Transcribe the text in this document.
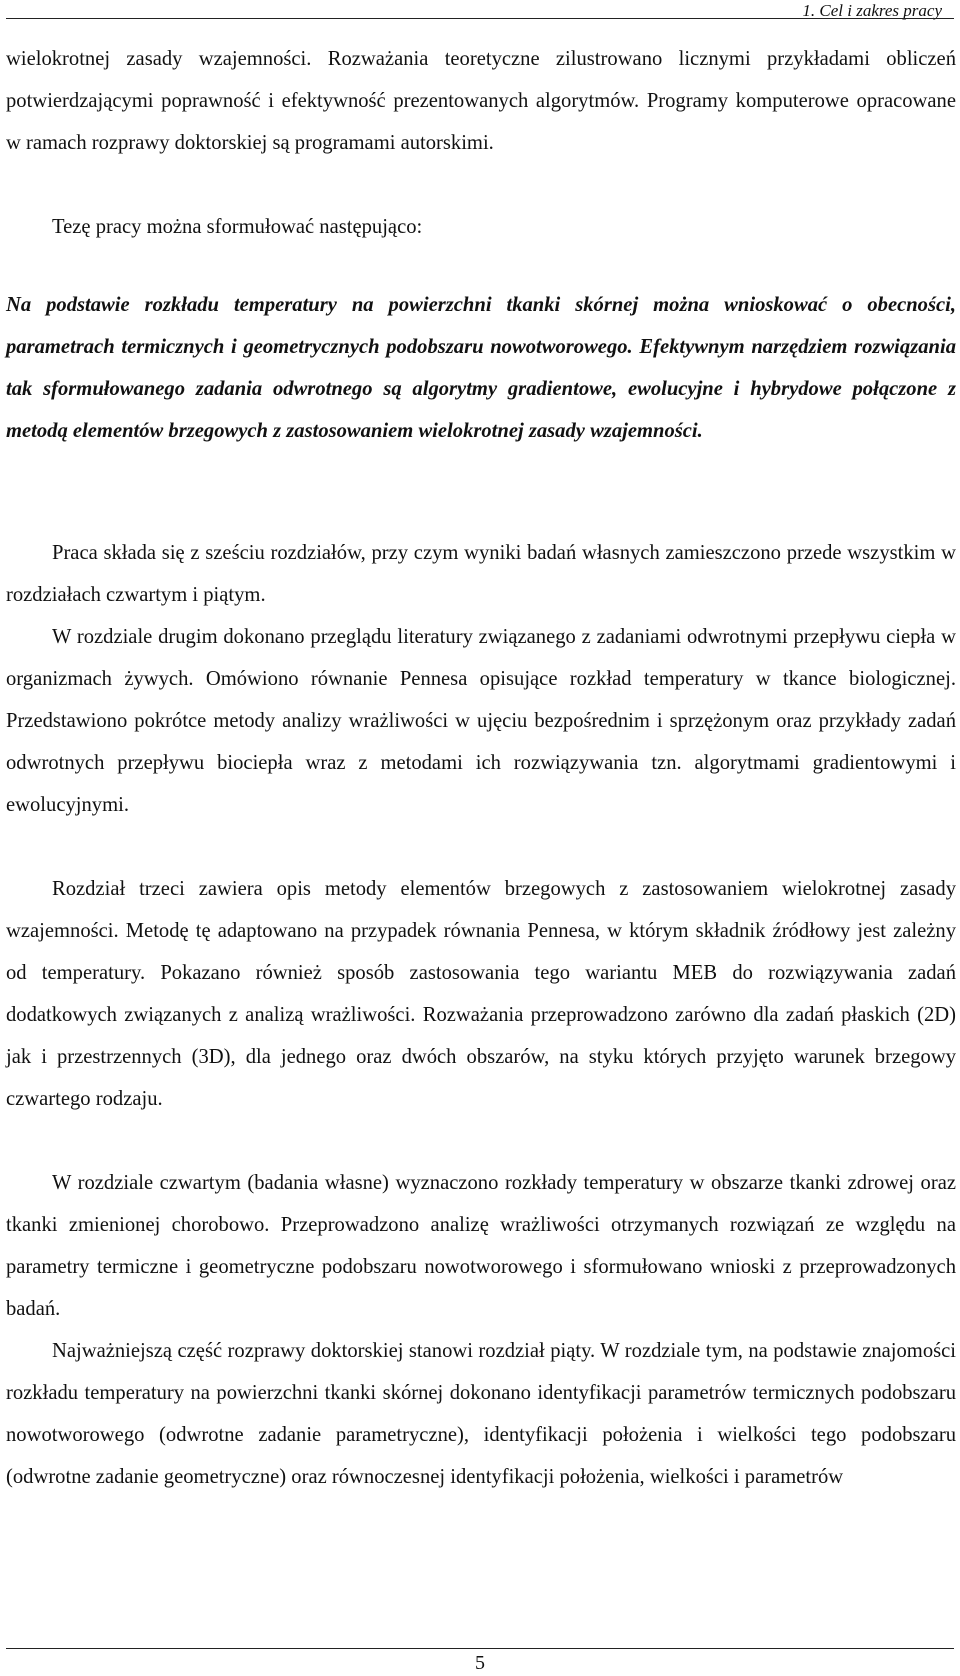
1. Cel i zakres pracy

wielokrotnej zasady wzajemności. Rozważania teoretyczne zilustrowano licznymi przykładami obliczeń potwierdzającymi poprawność i efektywność prezentowanych algorytmów. Programy komputerowe opracowane w ramach rozprawy doktorskiej są programami autorskimi.

Tezę pracy można sformułować następująco:

Na podstawie rozkładu temperatury na powierzchni tkanki skórnej można wnioskować o obecności, parametrach termicznych i geometrycznych podobszaru nowotworowego. Efektywnym narzędziem rozwiązania tak sformułowanego zadania odwrotnego są algorytmy gradientowe, ewolucyjne i hybrydowe połączone z metodą elementów brzegowych z zastosowaniem wielokrotnej zasady wzajemności.

Praca składa się z sześciu rozdziałów, przy czym wyniki badań własnych zamieszczono przede wszystkim w rozdziałach czwartym i piątym.

W rozdziale drugim dokonano przeglądu literatury związanego z zadaniami odwrotnymi przepływu ciepła w organizmach żywych. Omówiono równanie Pennesa opisujące rozkład temperatury w tkance biologicznej. Przedstawiono pokrótce metody analizy wrażliwości w ujęciu bezpośrednim i sprzężonym oraz przykłady zadań odwrotnych przepływu biociepła wraz z metodami ich rozwiązywania tzn. algorytmami gradientowymi i ewolucyjnymi.

Rozdział trzeci zawiera opis metody elementów brzegowych z zastosowaniem wielokrotnej zasady wzajemności. Metodę tę adaptowano na przypadek równania Pennesa, w którym składnik źródłowy jest zależny od temperatury. Pokazano również sposób zastosowania tego wariantu MEB do rozwiązywania zadań dodatkowych związanych z analizą wrażliwości. Rozważania przeprowadzono zarówno dla zadań płaskich (2D) jak i przestrzennych (3D), dla jednego oraz dwóch obszarów, na styku których przyjęto warunek brzegowy czwartego rodzaju.

W rozdziale czwartym (badania własne) wyznaczono rozkłady temperatury w obszarze tkanki zdrowej oraz tkanki zmienionej chorobowo. Przeprowadzono analizę wrażliwości otrzymanych rozwiązań ze względu na parametry termiczne i geometryczne podobszaru nowotworowego i sformułowano wnioski z przeprowadzonych badań.

Najważniejszą część rozprawy doktorskiej stanowi rozdział piąty. W rozdziale tym, na podstawie znajomości rozkładu temperatury na powierzchni tkanki skórnej dokonano identyfikacji parametrów termicznych podobszaru nowotworowego (odwrotne zadanie parametryczne), identyfikacji położenia i wielkości tego podobszaru (odwrotne zadanie geometryczne) oraz równoczesnej identyfikacji położenia, wielkości i parametrów

5
